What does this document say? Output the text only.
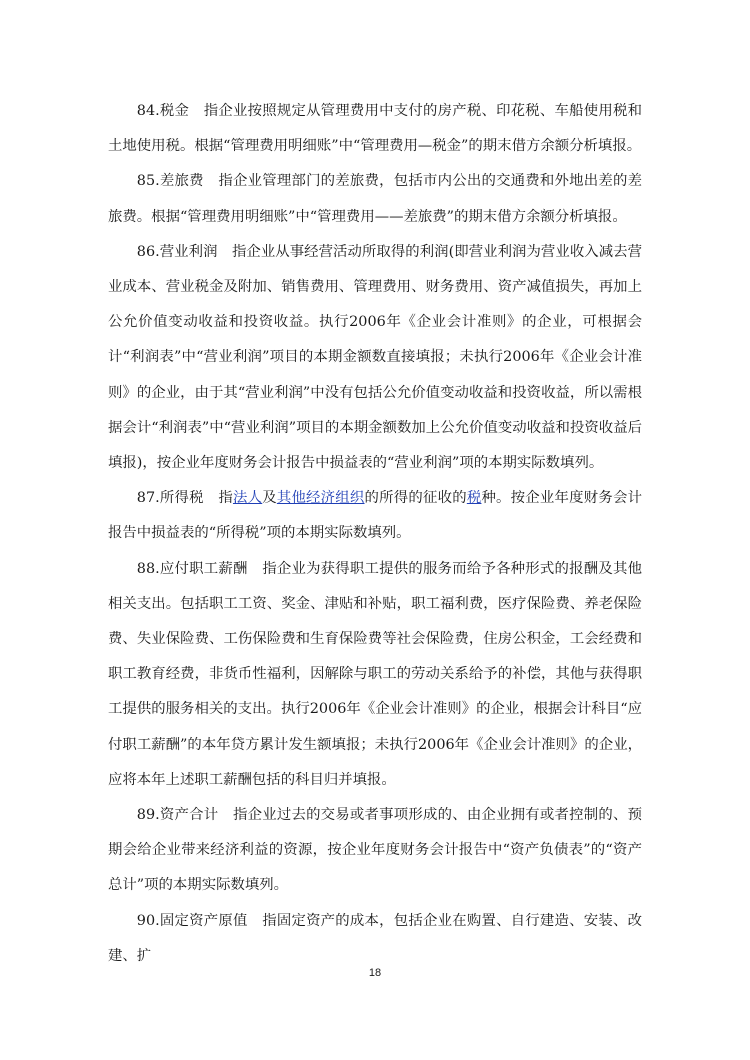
84.税金　指企业按照规定从管理费用中支付的房产税、印花税、车船使用税和土地使用税。根据“管理费用明细账”中“管理费用—税金”的期末借方余额分析填报。

85.差旅费　指企业管理部门的差旅费，包括市内公出的交通费和外地出差的差旅费。根据“管理费用明细账”中“管理费用——差旅费”的期末借方余额分析填报。

86.营业利润　指企业从事经营活动所取得的利润(即营业利润为营业收入减去营业成本、营业税金及附加、销售费用、管理费用、财务费用、资产减值损失，再加上公允价值变动收益和投资收益。执行2006年《企业会计准则》的企业，可根据会计“利润表”中“营业利润”项目的本期金额数直接填报；未执行2006年《企业会计准则》的企业，由于其“营业利润”中没有包括公允价值变动收益和投资收益，所以需根据会计“利润表”中“营业利润”项目的本期金额数加上公允价值变动收益和投资收益后填报)，按企业年度财务会计报告中损益表的“营业利润”项的本期实际数填列。

87.所得税　指法人及其他经济组织的所得的征收的税种。按企业年度财务会计报告中损益表的“所得税”项的本期实际数填列。

88.应付职工薪酬　指企业为获得职工提供的服务而给予各种形式的报酬及其他相关支出。包括职工工资、奖金、津贴和补贴，职工福利费，医疗保险费、养老保险费、失业保险费、工伤保险费和生育保险费等社会保险费，住房公积金，工会经费和职工教育经费，非货币性福利，因解除与职工的劳动关系给予的补偿，其他与获得职工提供的服务相关的支出。执行2006年《企业会计准则》的企业，根据会计科目“应付职工薪酬”的本年贷方累计发生额填报；未执行2006年《企业会计准则》的企业，应将本年上述职工薪酬包括的科目归并填报。

89.资产合计　指企业过去的交易或者事项形成的、由企业拥有或者控制的、预期会给企业带来经济利益的资源，按企业年度财务会计报告中“资产负债表”的“资产总计”项的本期实际数填列。

90.固定资产原值　指固定资产的成本，包括企业在购置、自行建造、安装、改建、扩

18
